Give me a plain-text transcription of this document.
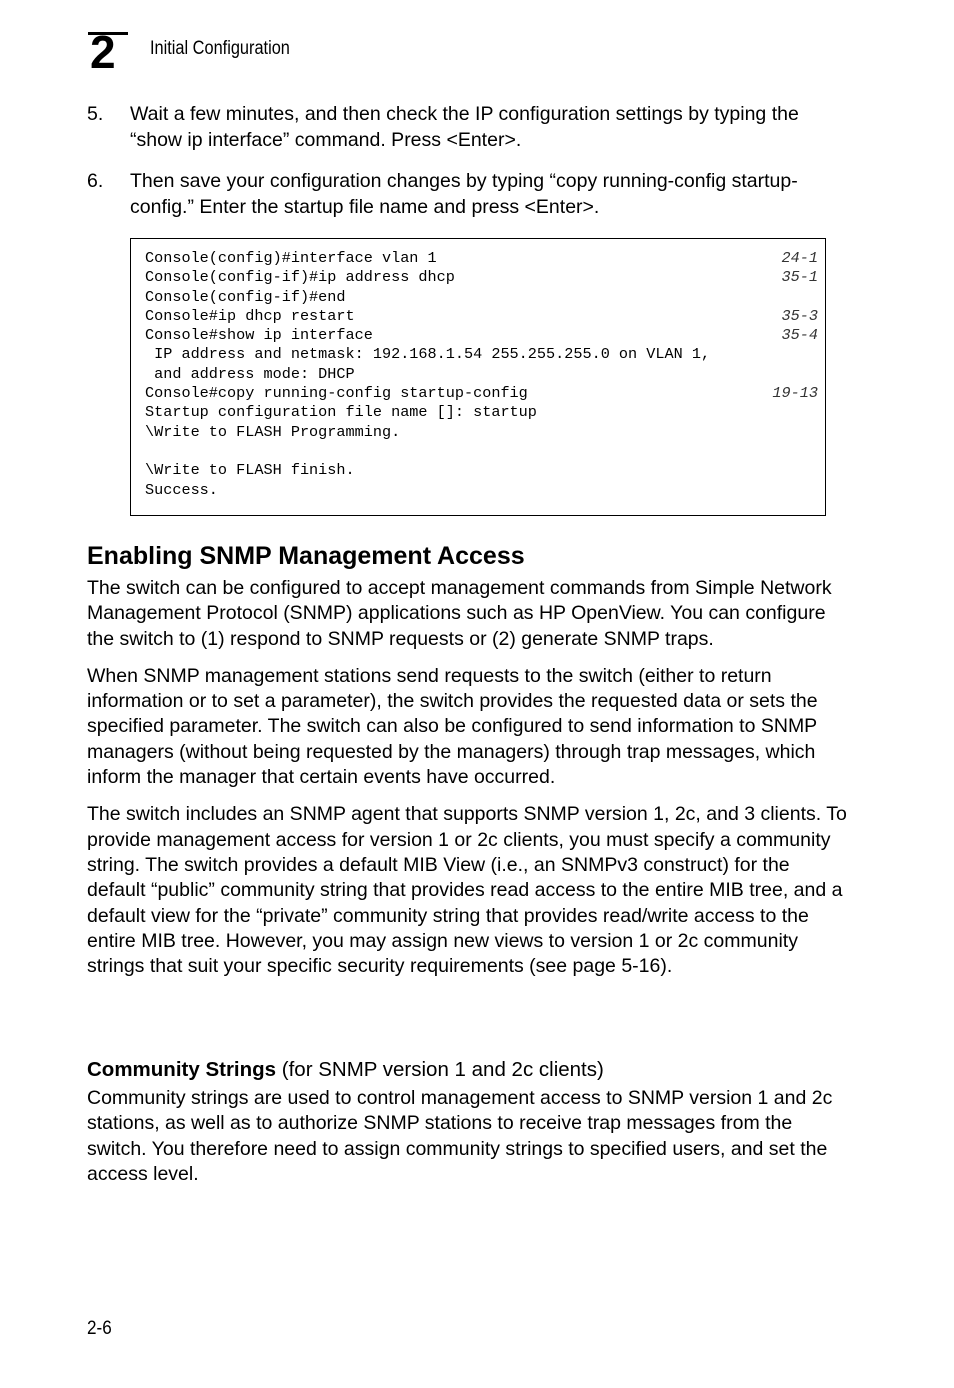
2 Initial Configuration
5.	Wait a few minutes, and then check the IP configuration settings by typing the “show ip interface” command. Press <Enter>.
6.	Then save your configuration changes by typing “copy running-config startup-config.” Enter the startup file name and press <Enter>.
Console(config)#interface vlan 1	24-1
Console(config-if)#ip address dhcp	35-1
Console(config-if)#end
Console#ip dhcp restart	35-3
Console#show ip interface	35-4
IP address and netmask: 192.168.1.54 255.255.255.0 on VLAN 1,
and address mode: DHCP
Console#copy running-config startup-config	19-13
Startup configuration file name []: startup
\Write to FLASH Programming.
\Write to FLASH finish.
Success.
Enabling SNMP Management Access

The switch can be configured to accept management commands from Simple Network Management Protocol (SNMP) applications such as HP OpenView. You can configure the switch to (1) respond to SNMP requests or (2) generate SNMP traps.

When SNMP management stations send requests to the switch (either to return information or to set a parameter), the switch provides the requested data or sets the specified parameter. The switch can also be configured to send information to SNMP managers (without being requested by the managers) through trap messages, which inform the manager that certain events have occurred.

The switch includes an SNMP agent that supports SNMP version 1, 2c, and 3 clients. To provide management access for version 1 or 2c clients, you must specify a community string. The switch provides a default MIB View (i.e., an SNMPv3 construct) for the default “public” community string that provides read access to the entire MIB tree, and a default view for the “private” community string that provides read/write access to the entire MIB tree. However, you may assign new views to version 1 or 2c community strings that suit your specific security requirements (see page 5-16).

Community Strings (for SNMP version 1 and 2c clients)

Community strings are used to control management access to SNMP version 1 and 2c stations, as well as to authorize SNMP stations to receive trap messages from the switch. You therefore need to assign community strings to specified users, and set the access level.

2-6
